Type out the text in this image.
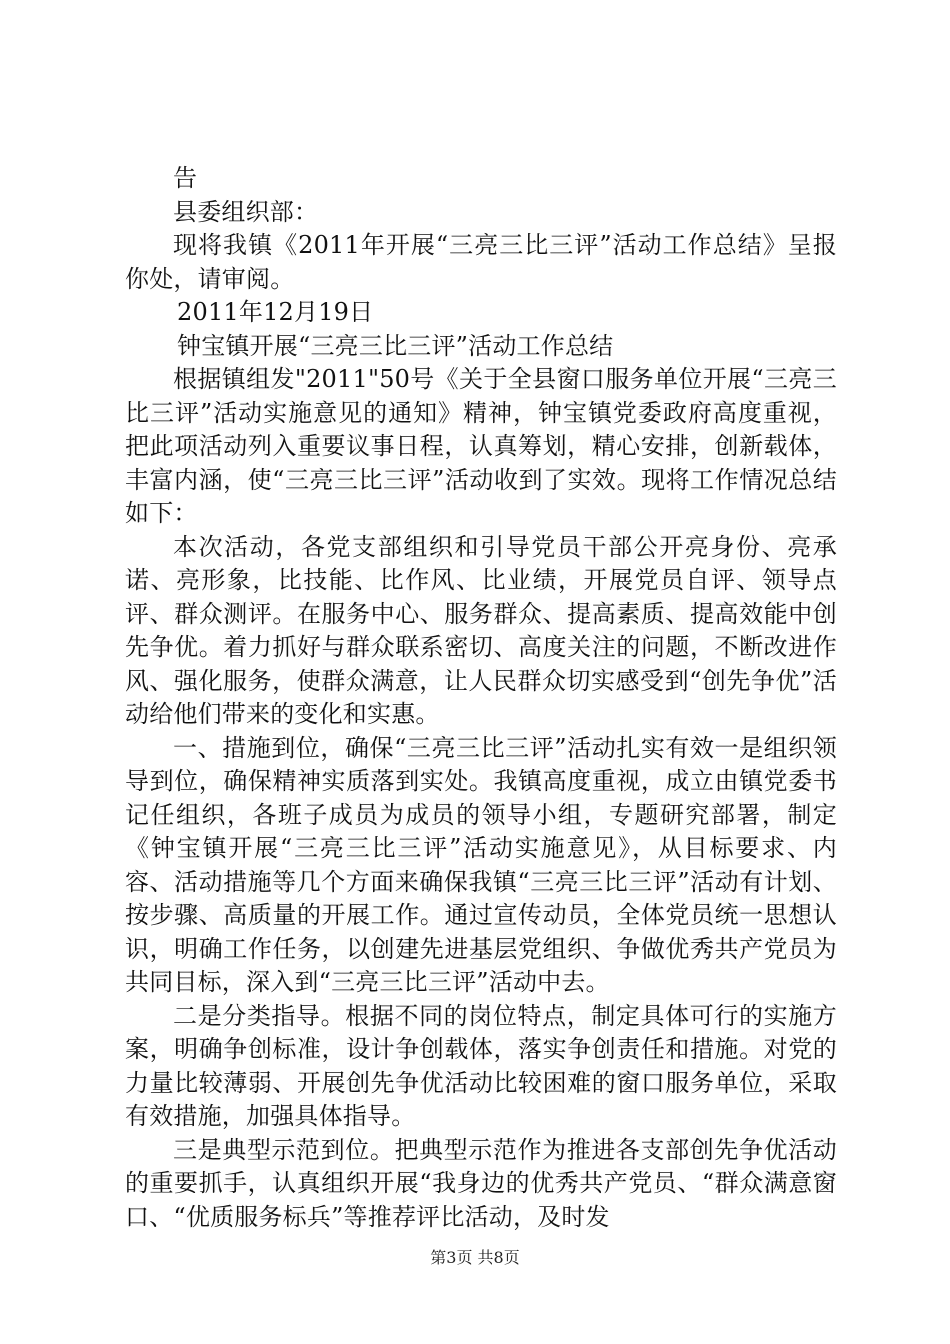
告

县委组织部：

现将我镇《2011年开展“三亮三比三评”活动工作总结》呈报你处，请审阅。

2011年12月19日

钟宝镇开展“三亮三比三评”活动工作总结

根据镇组发"2011"50号《关于全县窗口服务单位开展“三亮三比三评”活动实施意见的通知》精神，钟宝镇党委政府高度重视，把此项活动列入重要议事日程，认真筹划，精心安排，创新载体，丰富内涵，使“三亮三比三评”活动收到了实效。现将工作情况总结如下：

本次活动，各党支部组织和引导党员干部公开亮身份、亮承诺、亮形象，比技能、比作风、比业绩，开展党员自评、领导点评、群众测评。在服务中心、服务群众、提高素质、提高效能中创先争优。着力抓好与群众联系密切、高度关注的问题，不断改进作风、强化服务，使群众满意，让人民群众切实感受到“创先争优”活动给他们带来的变化和实惠。

一、措施到位，确保“三亮三比三评”活动扎实有效一是组织领导到位，确保精神实质落到实处。我镇高度重视，成立由镇党委书记任组织，各班子成员为成员的领导小组，专题研究部署，制定《钟宝镇开展“三亮三比三评”活动实施意见》，从目标要求、内容、活动措施等几个方面来确保我镇“三亮三比三评”活动有计划、按步骤、高质量的开展工作。通过宣传动员，全体党员统一思想认识，明确工作任务，以创建先进基层党组织、争做优秀共产党员为共同目标，深入到“三亮三比三评”活动中去。

二是分类指导。根据不同的岗位特点，制定具体可行的实施方案，明确争创标准，设计争创载体，落实争创责任和措施。对党的力量比较薄弱、开展创先争优活动比较困难的窗口服务单位，采取有效措施，加强具体指导。

三是典型示范到位。把典型示范作为推进各支部创先争优活动的重要抓手，认真组织开展“我身边的优秀共产党员、“群众满意窗口、“优质服务标兵”等推荐评比活动，及时发

第3页 共8页
